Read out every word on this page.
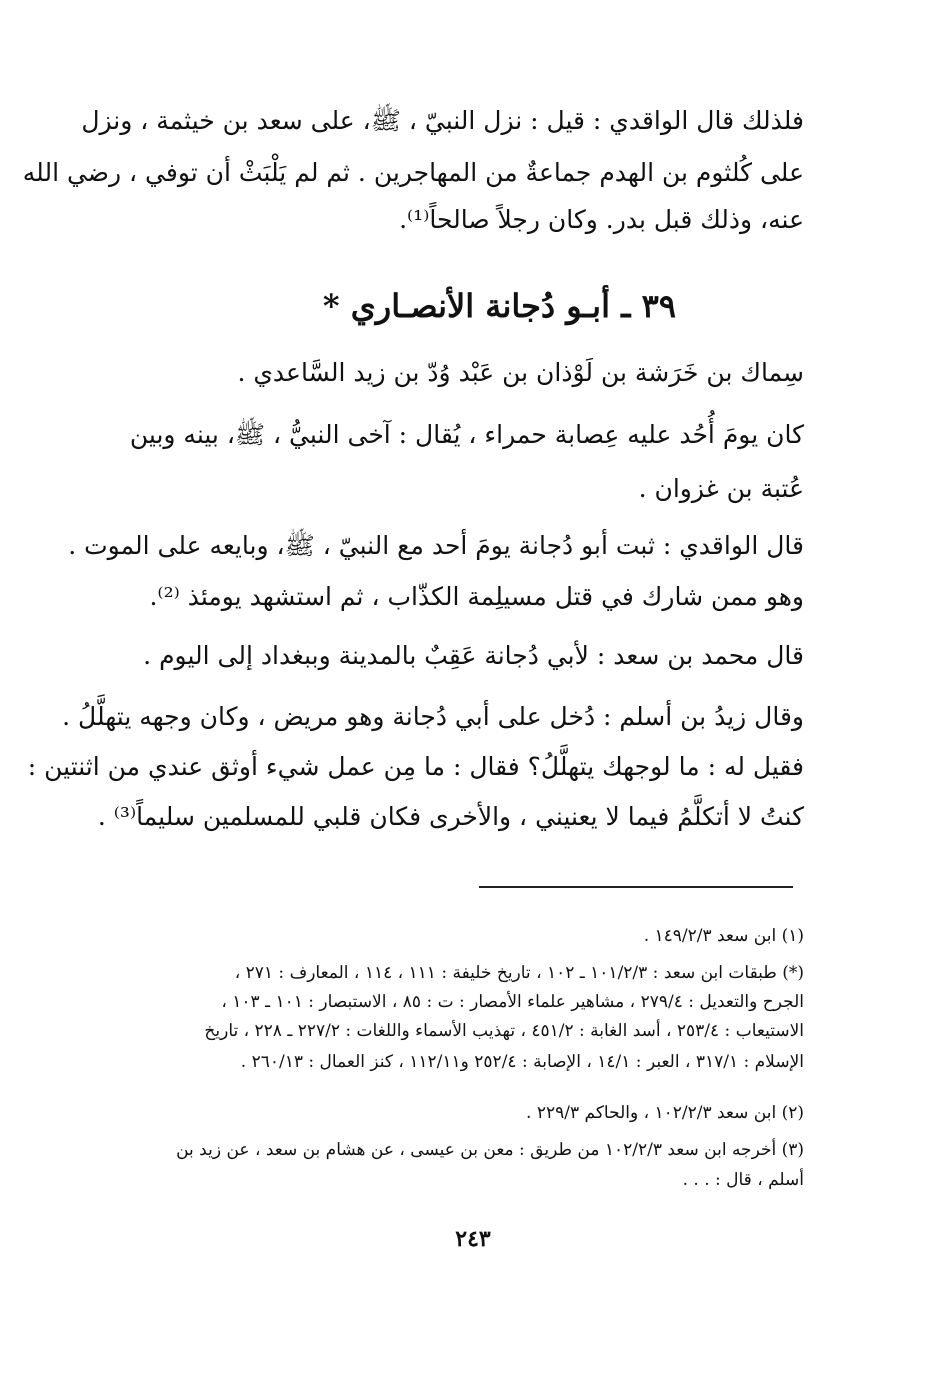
فلذلك قال الواقدي : قيل : نزل النبيّ ، ﷺ، على سعد بن خيثمة ، ونزل
على كُلثوم بن الهدم جماعةٌ من المهاجرين . ثم لم يَلْبَثْ أن توفي ، رضي الله
عنه، وذلك قبل بدر. وكان رجلاً صالحاً⁽¹⁾.
٣٩ ـ أبـو دُجانة الأنصـاري *
سِماك بن خَرَشة بن لَوْذان بن عَبْد وُدّ بن زيد السَّاعدي .
كان يومَ أُحُد عليه عِصابة حمراء ، يُقال : آخى النبيُّ ، ﷺ، بينه وبين
عُتبة بن غزوان .
قال الواقدي : ثبت أبو دُجانة يومَ أحد مع النبيّ ، ﷺ، وبايعه على الموت .
وهو ممن شارك في قتل مسيلِمة الكذّاب ، ثم استشهد يومئذ ⁽²⁾.
قال محمد بن سعد : لأبي دُجانة عَقِبٌ بالمدينة وببغداد إلى اليوم .
وقال زيدُ بن أسلم : دُخل على أبي دُجانة وهو مريض ، وكان وجهه يتهلَّلُ .
فقيل له : ما لوجهك يتهلَّلُ؟ فقال : ما مِن عمل شيء أوثق عندي من اثنتين :
كنتُ لا أتكلَّمُ فيما لا يعنيني ، والأخرى فكان قلبي للمسلمين سليماً⁽³⁾ .
(١) ابن سعد ١٤٩/٢/٣ .
(*) طبقات ابن سعد : ١٠١/٢/٣ ـ ١٠٢ ، تاريخ خليفة : ١١١ ، ١١٤ ، المعارف : ٢٧١ ،
الجرح والتعديل : ٢٧٩/٤ ، مشاهير علماء الأمصار : ت : ٨٥ ، الاستبصار : ١٠١ ـ ١٠٣ ،
الاستيعاب : ٢٥٣/٤ ، أسد الغابة : ٤٥١/٢ ، تهذيب الأسماء واللغات : ٢٢٧/٢ ـ ٢٢٨ ، تاريخ
الإسلام : ٣١٧/١ ، العبر : ١٤/١ ، الإصابة : ٢٥٢/٤ و١١٢/١١ ، كنز العمال : ٢٦٠/١٣ .
(٢) ابن سعد ١٠٢/٢/٣ ، والحاكم ٢٢٩/٣ .
(٣) أخرجه ابن سعد ١٠٢/٢/٣ من طريق : معن بن عيسى ، عن هشام بن سعد ، عن زيد بن
أسلم ، قال : . . .
٢٤٣
